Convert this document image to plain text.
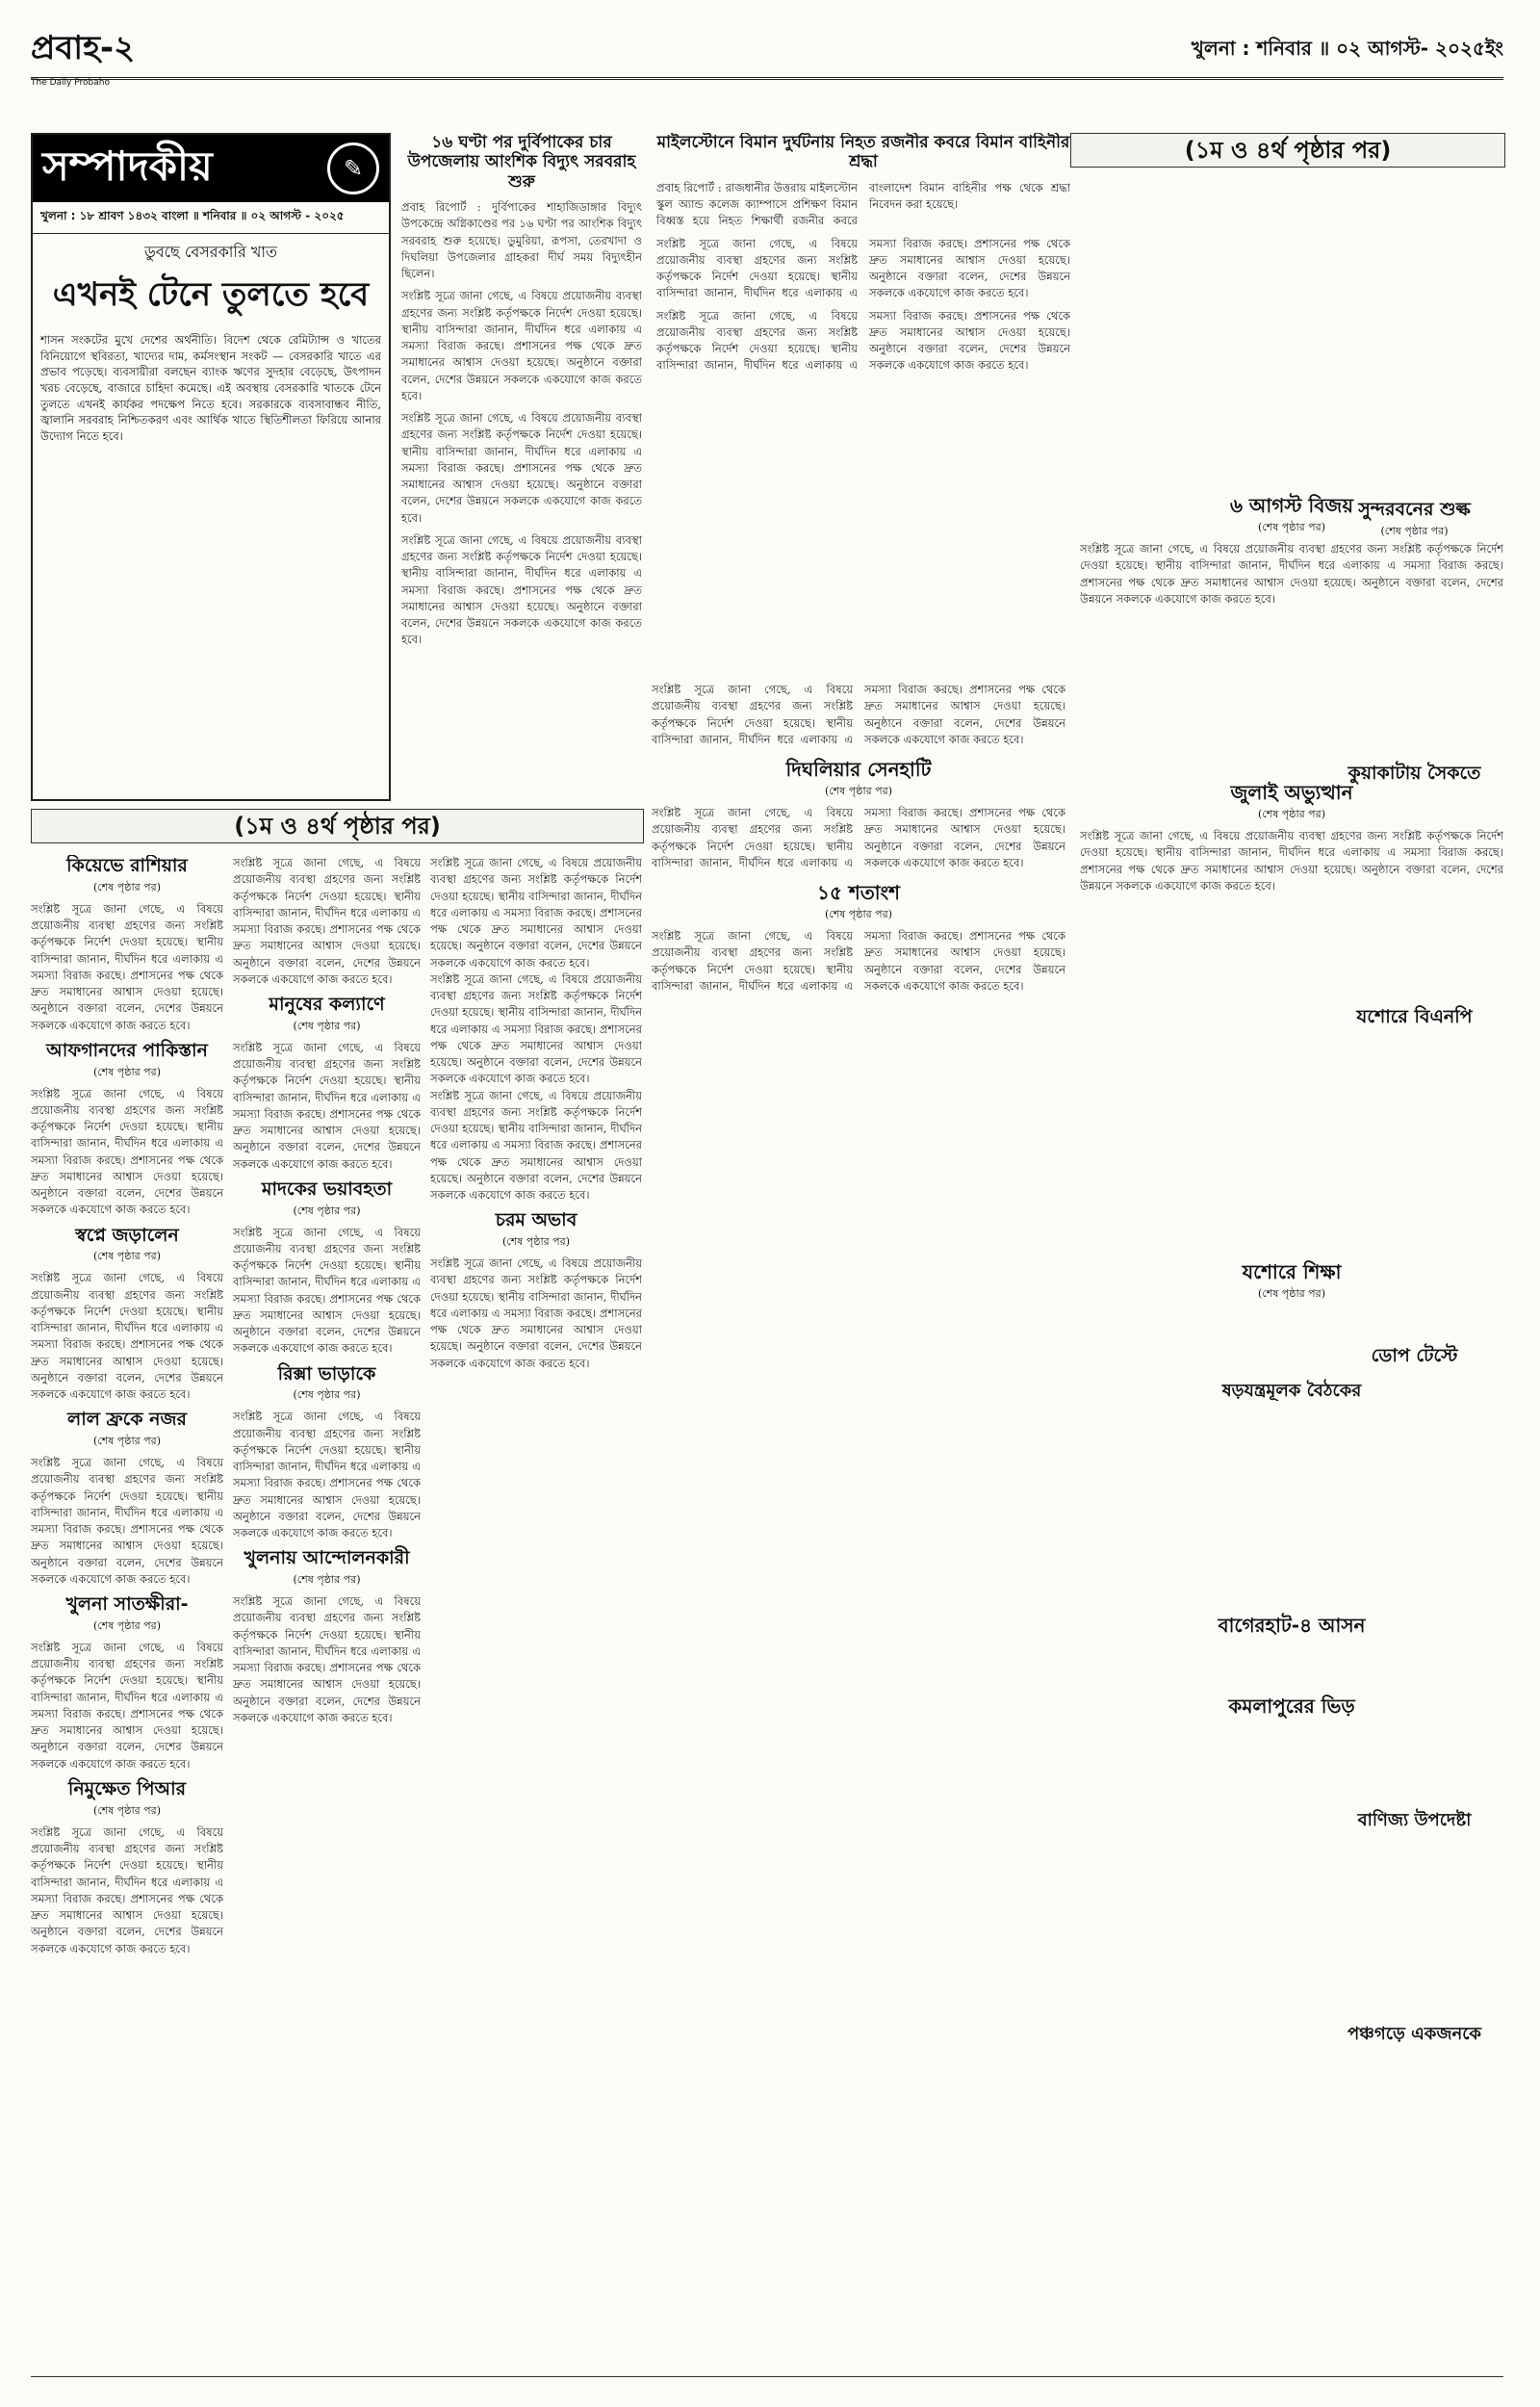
প্রবাহ-২
The Daily Probaho
খুলনা : শনিবার ॥ ০২ আগস্ট- ২০২৫ইং
সম্পাদকীয়	✎
খুলনা : ১৮ শ্রাবণ ১৪৩২ বাংলা ॥ শনিবার ॥ ০২ আগস্ট - ২০২৫
ডুবছে বেসরকারি খাত
এখনই টেনে তুলতে হবে
শাসন সংকটের মুখে দেশের অর্থনীতি। বিদেশ থেকে রেমিট্যান্স ও খাতের বিনিয়োগে স্থবিরতা, খাদ্যের দাম, কর্মসংস্থান সংকট — বেসরকারি খাতে এর প্রভাব পড়েছে। ব্যবসায়ীরা বলছেন ব্যাংক ঋণের সুদহার বেড়েছে, উৎপাদন খরচ বেড়েছে, বাজারে চাহিদা কমেছে। এই অবস্থায় বেসরকারি খাতকে টেনে তুলতে এখনই কার্যকর পদক্ষেপ নিতে হবে। সরকারকে ব্যবসাবান্ধব নীতি, জ্বালানি সরবরাহ নিশ্চিতকরণ এবং আর্থিক খাতে স্থিতিশীলতা ফিরিয়ে আনার উদ্যোগ নিতে হবে।
১৬ ঘণ্টা পর দুর্বিপাকের চার উপজেলায় আংশিক বিদ্যুৎ সরবরাহ শুরু
প্রবাহ রিপোর্ট : দুর্বিপাকের শাহাজিডাঙ্গার বিদ্যুৎ উপকেন্দ্রে অগ্নিকাণ্ডের পর ১৬ ঘণ্টা পর আংশিক বিদ্যুৎ সরবরাহ শুরু হয়েছে। ডুমুরিয়া, রূপসা, তেরখাদা ও দিঘলিয়া উপজেলার গ্রাহকরা দীর্ঘ সময় বিদ্যুৎহীন ছিলেন।
সংশ্লিষ্ট সূত্রে জানা গেছে, এ বিষয়ে প্রয়োজনীয় ব্যবস্থা গ্রহণের জন্য সংশ্লিষ্ট কর্তৃপক্ষকে নির্দেশ দেওয়া হয়েছে। স্থানীয় বাসিন্দারা জানান, দীর্ঘদিন ধরে এলাকায় এ সমস্যা বিরাজ করছে। প্রশাসনের পক্ষ থেকে দ্রুত সমাধানের আশ্বাস দেওয়া হয়েছে। অনুষ্ঠানে বক্তারা বলেন, দেশের উন্নয়নে সকলকে একযোগে কাজ করতে হবে।
সংশ্লিষ্ট সূত্রে জানা গেছে, এ বিষয়ে প্রয়োজনীয় ব্যবস্থা গ্রহণের জন্য সংশ্লিষ্ট কর্তৃপক্ষকে নির্দেশ দেওয়া হয়েছে। স্থানীয় বাসিন্দারা জানান, দীর্ঘদিন ধরে এলাকায় এ সমস্যা বিরাজ করছে। প্রশাসনের পক্ষ থেকে দ্রুত সমাধানের আশ্বাস দেওয়া হয়েছে। অনুষ্ঠানে বক্তারা বলেন, দেশের উন্নয়নে সকলকে একযোগে কাজ করতে হবে।
সংশ্লিষ্ট সূত্রে জানা গেছে, এ বিষয়ে প্রয়োজনীয় ব্যবস্থা গ্রহণের জন্য সংশ্লিষ্ট কর্তৃপক্ষকে নির্দেশ দেওয়া হয়েছে। স্থানীয় বাসিন্দারা জানান, দীর্ঘদিন ধরে এলাকায় এ সমস্যা বিরাজ করছে। প্রশাসনের পক্ষ থেকে দ্রুত সমাধানের আশ্বাস দেওয়া হয়েছে। অনুষ্ঠানে বক্তারা বলেন, দেশের উন্নয়নে সকলকে একযোগে কাজ করতে হবে।
মাইলস্টোনে বিমান দুর্ঘটনায় নিহত রজনীর কবরে বিমান বাহিনীর শ্রদ্ধা
প্রবাহ রিপোর্ট : রাজধানীর উত্তরায় মাইলস্টোন স্কুল অ্যান্ড কলেজ ক্যাম্পাসে প্রশিক্ষণ বিমান বিধ্বস্ত হয়ে নিহত শিক্ষার্থী রজনীর কবরে বাংলাদেশ বিমান বাহিনীর পক্ষ থেকে শ্রদ্ধা নিবেদন করা হয়েছে।
সংশ্লিষ্ট সূত্রে জানা গেছে, এ বিষয়ে প্রয়োজনীয় ব্যবস্থা গ্রহণের জন্য সংশ্লিষ্ট কর্তৃপক্ষকে নির্দেশ দেওয়া হয়েছে। স্থানীয় বাসিন্দারা জানান, দীর্ঘদিন ধরে এলাকায় এ সমস্যা বিরাজ করছে। প্রশাসনের পক্ষ থেকে দ্রুত সমাধানের আশ্বাস দেওয়া হয়েছে। অনুষ্ঠানে বক্তারা বলেন, দেশের উন্নয়নে সকলকে একযোগে কাজ করতে হবে।
সংশ্লিষ্ট সূত্রে জানা গেছে, এ বিষয়ে প্রয়োজনীয় ব্যবস্থা গ্রহণের জন্য সংশ্লিষ্ট কর্তৃপক্ষকে নির্দেশ দেওয়া হয়েছে। স্থানীয় বাসিন্দারা জানান, দীর্ঘদিন ধরে এলাকায় এ সমস্যা বিরাজ করছে। প্রশাসনের পক্ষ থেকে দ্রুত সমাধানের আশ্বাস দেওয়া হয়েছে। অনুষ্ঠানে বক্তারা বলেন, দেশের উন্নয়নে সকলকে একযোগে কাজ করতে হবে।
(১ম ও ৪র্থ পৃষ্ঠার পর)
(১ম ও ৪র্থ পৃষ্ঠার পর)
৬ আগস্ট বিজয়
(শেষ পৃষ্ঠার পর)
সংশ্লিষ্ট সূত্রে জানা গেছে, এ বিষয়ে প্রয়োজনীয় ব্যবস্থা গ্রহণের জন্য সংশ্লিষ্ট কর্তৃপক্ষকে নির্দেশ দেওয়া হয়েছে। স্থানীয় বাসিন্দারা জানান, দীর্ঘদিন ধরে এলাকায় এ সমস্যা বিরাজ করছে। প্রশাসনের পক্ষ থেকে দ্রুত সমাধানের আশ্বাস দেওয়া হয়েছে। অনুষ্ঠানে বক্তারা বলেন, দেশের উন্নয়নে সকলকে একযোগে কাজ করতে হবে।
জুলাই অভ্যুত্থান
(শেষ পৃষ্ঠার পর)
সংশ্লিষ্ট সূত্রে জানা গেছে, এ বিষয়ে প্রয়োজনীয় ব্যবস্থা গ্রহণের জন্য সংশ্লিষ্ট কর্তৃপক্ষকে নির্দেশ দেওয়া হয়েছে। স্থানীয় বাসিন্দারা জানান, দীর্ঘদিন ধরে এলাকায় এ সমস্যা বিরাজ করছে। প্রশাসনের পক্ষ থেকে দ্রুত সমাধানের আশ্বাস দেওয়া হয়েছে। অনুষ্ঠানে বক্তারা বলেন, দেশের উন্নয়নে সকলকে একযোগে কাজ করতে হবে।
যশোরে শিক্ষা
(শেষ পৃষ্ঠার পর)
ষড়যন্ত্রমূলক বৈঠকের
বাগেরহাট-৪ আসন
কমলাপুরের ভিড়
সুন্দরবনের শুল্ক
(শেষ পৃষ্ঠার পর)
কুয়াকাটায় সৈকতে
যশোরে বিএনপি
ডোপ টেস্টে
বাণিজ্য উপদেষ্টা
পঞ্চগড়ে একজনকে
কিয়েভে রাশিয়ার
(শেষ পৃষ্ঠার পর)
সংশ্লিষ্ট সূত্রে জানা গেছে, এ বিষয়ে প্রয়োজনীয় ব্যবস্থা গ্রহণের জন্য সংশ্লিষ্ট কর্তৃপক্ষকে নির্দেশ দেওয়া হয়েছে। স্থানীয় বাসিন্দারা জানান, দীর্ঘদিন ধরে এলাকায় এ সমস্যা বিরাজ করছে। প্রশাসনের পক্ষ থেকে দ্রুত সমাধানের আশ্বাস দেওয়া হয়েছে। অনুষ্ঠানে বক্তারা বলেন, দেশের উন্নয়নে সকলকে একযোগে কাজ করতে হবে।
আফগানদের পাকিস্তান
(শেষ পৃষ্ঠার পর)
সংশ্লিষ্ট সূত্রে জানা গেছে, এ বিষয়ে প্রয়োজনীয় ব্যবস্থা গ্রহণের জন্য সংশ্লিষ্ট কর্তৃপক্ষকে নির্দেশ দেওয়া হয়েছে। স্থানীয় বাসিন্দারা জানান, দীর্ঘদিন ধরে এলাকায় এ সমস্যা বিরাজ করছে। প্রশাসনের পক্ষ থেকে দ্রুত সমাধানের আশ্বাস দেওয়া হয়েছে। অনুষ্ঠানে বক্তারা বলেন, দেশের উন্নয়নে সকলকে একযোগে কাজ করতে হবে।
স্বপ্নে জড়ালেন
(শেষ পৃষ্ঠার পর)
সংশ্লিষ্ট সূত্রে জানা গেছে, এ বিষয়ে প্রয়োজনীয় ব্যবস্থা গ্রহণের জন্য সংশ্লিষ্ট কর্তৃপক্ষকে নির্দেশ দেওয়া হয়েছে। স্থানীয় বাসিন্দারা জানান, দীর্ঘদিন ধরে এলাকায় এ সমস্যা বিরাজ করছে। প্রশাসনের পক্ষ থেকে দ্রুত সমাধানের আশ্বাস দেওয়া হয়েছে। অনুষ্ঠানে বক্তারা বলেন, দেশের উন্নয়নে সকলকে একযোগে কাজ করতে হবে।
লাল ফ্রকে নজর
(শেষ পৃষ্ঠার পর)
সংশ্লিষ্ট সূত্রে জানা গেছে, এ বিষয়ে প্রয়োজনীয় ব্যবস্থা গ্রহণের জন্য সংশ্লিষ্ট কর্তৃপক্ষকে নির্দেশ দেওয়া হয়েছে। স্থানীয় বাসিন্দারা জানান, দীর্ঘদিন ধরে এলাকায় এ সমস্যা বিরাজ করছে। প্রশাসনের পক্ষ থেকে দ্রুত সমাধানের আশ্বাস দেওয়া হয়েছে। অনুষ্ঠানে বক্তারা বলেন, দেশের উন্নয়নে সকলকে একযোগে কাজ করতে হবে।
খুলনা সাতক্ষীরা-
(শেষ পৃষ্ঠার পর)
সংশ্লিষ্ট সূত্রে জানা গেছে, এ বিষয়ে প্রয়োজনীয় ব্যবস্থা গ্রহণের জন্য সংশ্লিষ্ট কর্তৃপক্ষকে নির্দেশ দেওয়া হয়েছে। স্থানীয় বাসিন্দারা জানান, দীর্ঘদিন ধরে এলাকায় এ সমস্যা বিরাজ করছে। প্রশাসনের পক্ষ থেকে দ্রুত সমাধানের আশ্বাস দেওয়া হয়েছে। অনুষ্ঠানে বক্তারা বলেন, দেশের উন্নয়নে সকলকে একযোগে কাজ করতে হবে।
নিমুক্ষেত পিআর
(শেষ পৃষ্ঠার পর)
সংশ্লিষ্ট সূত্রে জানা গেছে, এ বিষয়ে প্রয়োজনীয় ব্যবস্থা গ্রহণের জন্য সংশ্লিষ্ট কর্তৃপক্ষকে নির্দেশ দেওয়া হয়েছে। স্থানীয় বাসিন্দারা জানান, দীর্ঘদিন ধরে এলাকায় এ সমস্যা বিরাজ করছে। প্রশাসনের পক্ষ থেকে দ্রুত সমাধানের আশ্বাস দেওয়া হয়েছে। অনুষ্ঠানে বক্তারা বলেন, দেশের উন্নয়নে সকলকে একযোগে কাজ করতে হবে।
সংশ্লিষ্ট সূত্রে জানা গেছে, এ বিষয়ে প্রয়োজনীয় ব্যবস্থা গ্রহণের জন্য সংশ্লিষ্ট কর্তৃপক্ষকে নির্দেশ দেওয়া হয়েছে। স্থানীয় বাসিন্দারা জানান, দীর্ঘদিন ধরে এলাকায় এ সমস্যা বিরাজ করছে। প্রশাসনের পক্ষ থেকে দ্রুত সমাধানের আশ্বাস দেওয়া হয়েছে। অনুষ্ঠানে বক্তারা বলেন, দেশের উন্নয়নে সকলকে একযোগে কাজ করতে হবে।
মানুষের কল্যাণে
(শেষ পৃষ্ঠার পর)
সংশ্লিষ্ট সূত্রে জানা গেছে, এ বিষয়ে প্রয়োজনীয় ব্যবস্থা গ্রহণের জন্য সংশ্লিষ্ট কর্তৃপক্ষকে নির্দেশ দেওয়া হয়েছে। স্থানীয় বাসিন্দারা জানান, দীর্ঘদিন ধরে এলাকায় এ সমস্যা বিরাজ করছে। প্রশাসনের পক্ষ থেকে দ্রুত সমাধানের আশ্বাস দেওয়া হয়েছে। অনুষ্ঠানে বক্তারা বলেন, দেশের উন্নয়নে সকলকে একযোগে কাজ করতে হবে।
মাদকের ভয়াবহতা
(শেষ পৃষ্ঠার পর)
সংশ্লিষ্ট সূত্রে জানা গেছে, এ বিষয়ে প্রয়োজনীয় ব্যবস্থা গ্রহণের জন্য সংশ্লিষ্ট কর্তৃপক্ষকে নির্দেশ দেওয়া হয়েছে। স্থানীয় বাসিন্দারা জানান, দীর্ঘদিন ধরে এলাকায় এ সমস্যা বিরাজ করছে। প্রশাসনের পক্ষ থেকে দ্রুত সমাধানের আশ্বাস দেওয়া হয়েছে। অনুষ্ঠানে বক্তারা বলেন, দেশের উন্নয়নে সকলকে একযোগে কাজ করতে হবে।
রিক্সা ভাড়াকে
(শেষ পৃষ্ঠার পর)
সংশ্লিষ্ট সূত্রে জানা গেছে, এ বিষয়ে প্রয়োজনীয় ব্যবস্থা গ্রহণের জন্য সংশ্লিষ্ট কর্তৃপক্ষকে নির্দেশ দেওয়া হয়েছে। স্থানীয় বাসিন্দারা জানান, দীর্ঘদিন ধরে এলাকায় এ সমস্যা বিরাজ করছে। প্রশাসনের পক্ষ থেকে দ্রুত সমাধানের আশ্বাস দেওয়া হয়েছে। অনুষ্ঠানে বক্তারা বলেন, দেশের উন্নয়নে সকলকে একযোগে কাজ করতে হবে।
খুলনায় আন্দোলনকারী
(শেষ পৃষ্ঠার পর)
সংশ্লিষ্ট সূত্রে জানা গেছে, এ বিষয়ে প্রয়োজনীয় ব্যবস্থা গ্রহণের জন্য সংশ্লিষ্ট কর্তৃপক্ষকে নির্দেশ দেওয়া হয়েছে। স্থানীয় বাসিন্দারা জানান, দীর্ঘদিন ধরে এলাকায় এ সমস্যা বিরাজ করছে। প্রশাসনের পক্ষ থেকে দ্রুত সমাধানের আশ্বাস দেওয়া হয়েছে। অনুষ্ঠানে বক্তারা বলেন, দেশের উন্নয়নে সকলকে একযোগে কাজ করতে হবে।
সংশ্লিষ্ট সূত্রে জানা গেছে, এ বিষয়ে প্রয়োজনীয় ব্যবস্থা গ্রহণের জন্য সংশ্লিষ্ট কর্তৃপক্ষকে নির্দেশ দেওয়া হয়েছে। স্থানীয় বাসিন্দারা জানান, দীর্ঘদিন ধরে এলাকায় এ সমস্যা বিরাজ করছে। প্রশাসনের পক্ষ থেকে দ্রুত সমাধানের আশ্বাস দেওয়া হয়েছে। অনুষ্ঠানে বক্তারা বলেন, দেশের উন্নয়নে সকলকে একযোগে কাজ করতে হবে।
সংশ্লিষ্ট সূত্রে জানা গেছে, এ বিষয়ে প্রয়োজনীয় ব্যবস্থা গ্রহণের জন্য সংশ্লিষ্ট কর্তৃপক্ষকে নির্দেশ দেওয়া হয়েছে। স্থানীয় বাসিন্দারা জানান, দীর্ঘদিন ধরে এলাকায় এ সমস্যা বিরাজ করছে। প্রশাসনের পক্ষ থেকে দ্রুত সমাধানের আশ্বাস দেওয়া হয়েছে। অনুষ্ঠানে বক্তারা বলেন, দেশের উন্নয়নে সকলকে একযোগে কাজ করতে হবে।
সংশ্লিষ্ট সূত্রে জানা গেছে, এ বিষয়ে প্রয়োজনীয় ব্যবস্থা গ্রহণের জন্য সংশ্লিষ্ট কর্তৃপক্ষকে নির্দেশ দেওয়া হয়েছে। স্থানীয় বাসিন্দারা জানান, দীর্ঘদিন ধরে এলাকায় এ সমস্যা বিরাজ করছে। প্রশাসনের পক্ষ থেকে দ্রুত সমাধানের আশ্বাস দেওয়া হয়েছে। অনুষ্ঠানে বক্তারা বলেন, দেশের উন্নয়নে সকলকে একযোগে কাজ করতে হবে।
চরম অভাব
(শেষ পৃষ্ঠার পর)
সংশ্লিষ্ট সূত্রে জানা গেছে, এ বিষয়ে প্রয়োজনীয় ব্যবস্থা গ্রহণের জন্য সংশ্লিষ্ট কর্তৃপক্ষকে নির্দেশ দেওয়া হয়েছে। স্থানীয় বাসিন্দারা জানান, দীর্ঘদিন ধরে এলাকায় এ সমস্যা বিরাজ করছে। প্রশাসনের পক্ষ থেকে দ্রুত সমাধানের আশ্বাস দেওয়া হয়েছে। অনুষ্ঠানে বক্তারা বলেন, দেশের উন্নয়নে সকলকে একযোগে কাজ করতে হবে।
সংশ্লিষ্ট সূত্রে জানা গেছে, এ বিষয়ে প্রয়োজনীয় ব্যবস্থা গ্রহণের জন্য সংশ্লিষ্ট কর্তৃপক্ষকে নির্দেশ দেওয়া হয়েছে। স্থানীয় বাসিন্দারা জানান, দীর্ঘদিন ধরে এলাকায় এ সমস্যা বিরাজ করছে। প্রশাসনের পক্ষ থেকে দ্রুত সমাধানের আশ্বাস দেওয়া হয়েছে। অনুষ্ঠানে বক্তারা বলেন, দেশের উন্নয়নে সকলকে একযোগে কাজ করতে হবে।
দিঘলিয়ার সেনহাটি
(শেষ পৃষ্ঠার পর)
সংশ্লিষ্ট সূত্রে জানা গেছে, এ বিষয়ে প্রয়োজনীয় ব্যবস্থা গ্রহণের জন্য সংশ্লিষ্ট কর্তৃপক্ষকে নির্দেশ দেওয়া হয়েছে। স্থানীয় বাসিন্দারা জানান, দীর্ঘদিন ধরে এলাকায় এ সমস্যা বিরাজ করছে। প্রশাসনের পক্ষ থেকে দ্রুত সমাধানের আশ্বাস দেওয়া হয়েছে। অনুষ্ঠানে বক্তারা বলেন, দেশের উন্নয়নে সকলকে একযোগে কাজ করতে হবে।
১৫ শতাংশ
(শেষ পৃষ্ঠার পর)
সংশ্লিষ্ট সূত্রে জানা গেছে, এ বিষয়ে প্রয়োজনীয় ব্যবস্থা গ্রহণের জন্য সংশ্লিষ্ট কর্তৃপক্ষকে নির্দেশ দেওয়া হয়েছে। স্থানীয় বাসিন্দারা জানান, দীর্ঘদিন ধরে এলাকায় এ সমস্যা বিরাজ করছে। প্রশাসনের পক্ষ থেকে দ্রুত সমাধানের আশ্বাস দেওয়া হয়েছে। অনুষ্ঠানে বক্তারা বলেন, দেশের উন্নয়নে সকলকে একযোগে কাজ করতে হবে।
